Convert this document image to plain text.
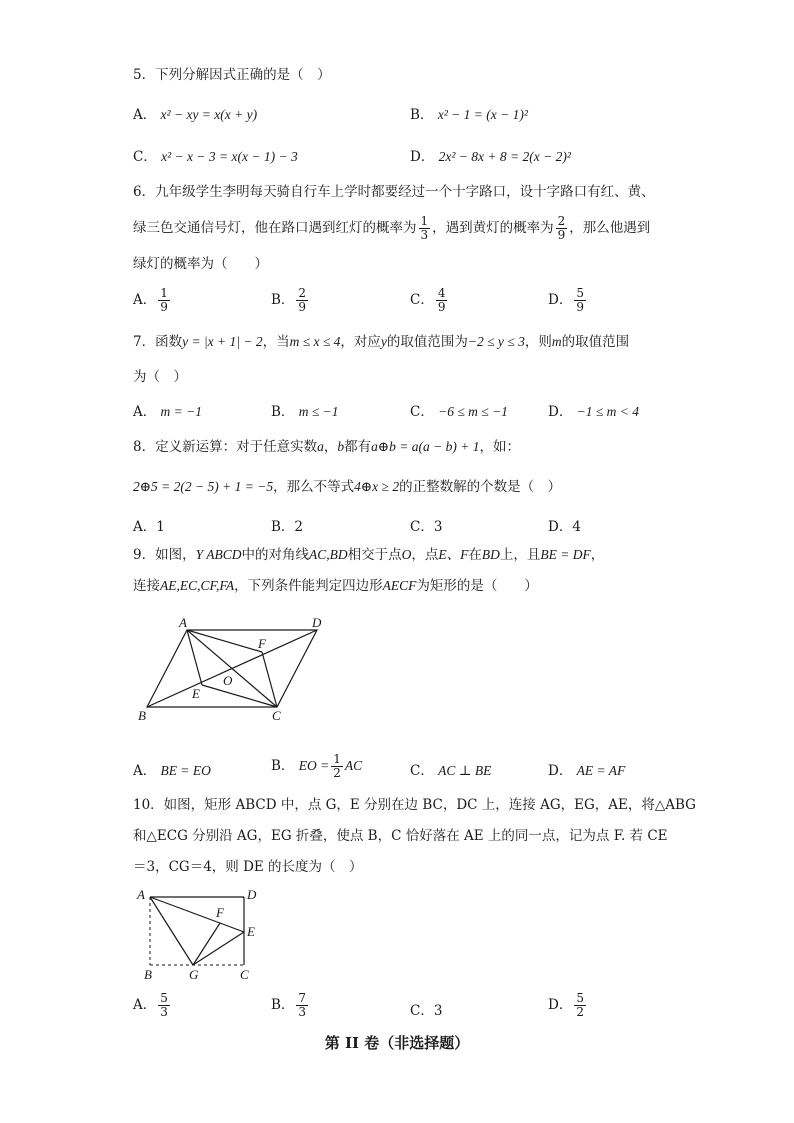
5．下列分解因式正确的是（　）
A． x² − xy = x(x + y)	B． x² − 1 = (x − 1)²
C． x² − x − 3 = x(x − 1) − 3	D． 2x² − 8x + 8 = 2(x − 2)²
6．九年级学生李明每天骑自行车上学时都要经过一个十字路口，设十字路口有红、黄、
绿三色交通信号灯，他在路口遇到红灯的概率为 $\frac{1}{3}$ ，遇到黄灯的概率为 $\frac{2}{9}$ ，那么他遇到
绿灯的概率为（　　）
A． $\frac{1}{9}$	B． $\frac{2}{9}$	C． $\frac{4}{9}$	D． $\frac{5}{9}$
7．函数y = |x + 1| − 2，当m ≤ x ≤ 4，对应y的取值范围为−2 ≤ y ≤ 3，则m的取值范围
为（　）
A． m = −1	B． m ≤ −1	C． −6 ≤ m ≤ −1	D． −1 ≤ m < 4
8．定义新运算：对于任意实数a，b都有a⊕b = a(a − b) + 1，如：
2⊕5 = 2(2 − 5) + 1 = −5，那么不等式4⊕x ≥ 2的正整数解的个数是（　）
A．1	B．2	C．3	D．4
9．如图，Y ABCD中的对角线AC,BD相交于点O，点E、F在BD上，且BE = DF，
连接AE,EC,CF,FA，下列条件能判定四边形AECF为矩形的是（　　）
A	D
F
O
E
B	C
A． BE = EO	B． EO = $\frac{1}{2}$ AC	C． AC ⊥ BE	D． AE = AF
10．如图，矩形 ABCD 中，点 G，E 分别在边 BC，DC 上，连接 AG，EG，AE，将△ABG
和△ECG 分别沿 AG，EG 折叠，使点 B，C 恰好落在 AE 上的同一点，记为点 F. 若 CE
＝3，CG＝4，则 DE 的长度为（　）
A	D
F
E
B	G	C
A． $\frac{5}{3}$	B． $\frac{7}{3}$	C．3	D． $\frac{5}{2}$
第 II 卷（非选择题）
